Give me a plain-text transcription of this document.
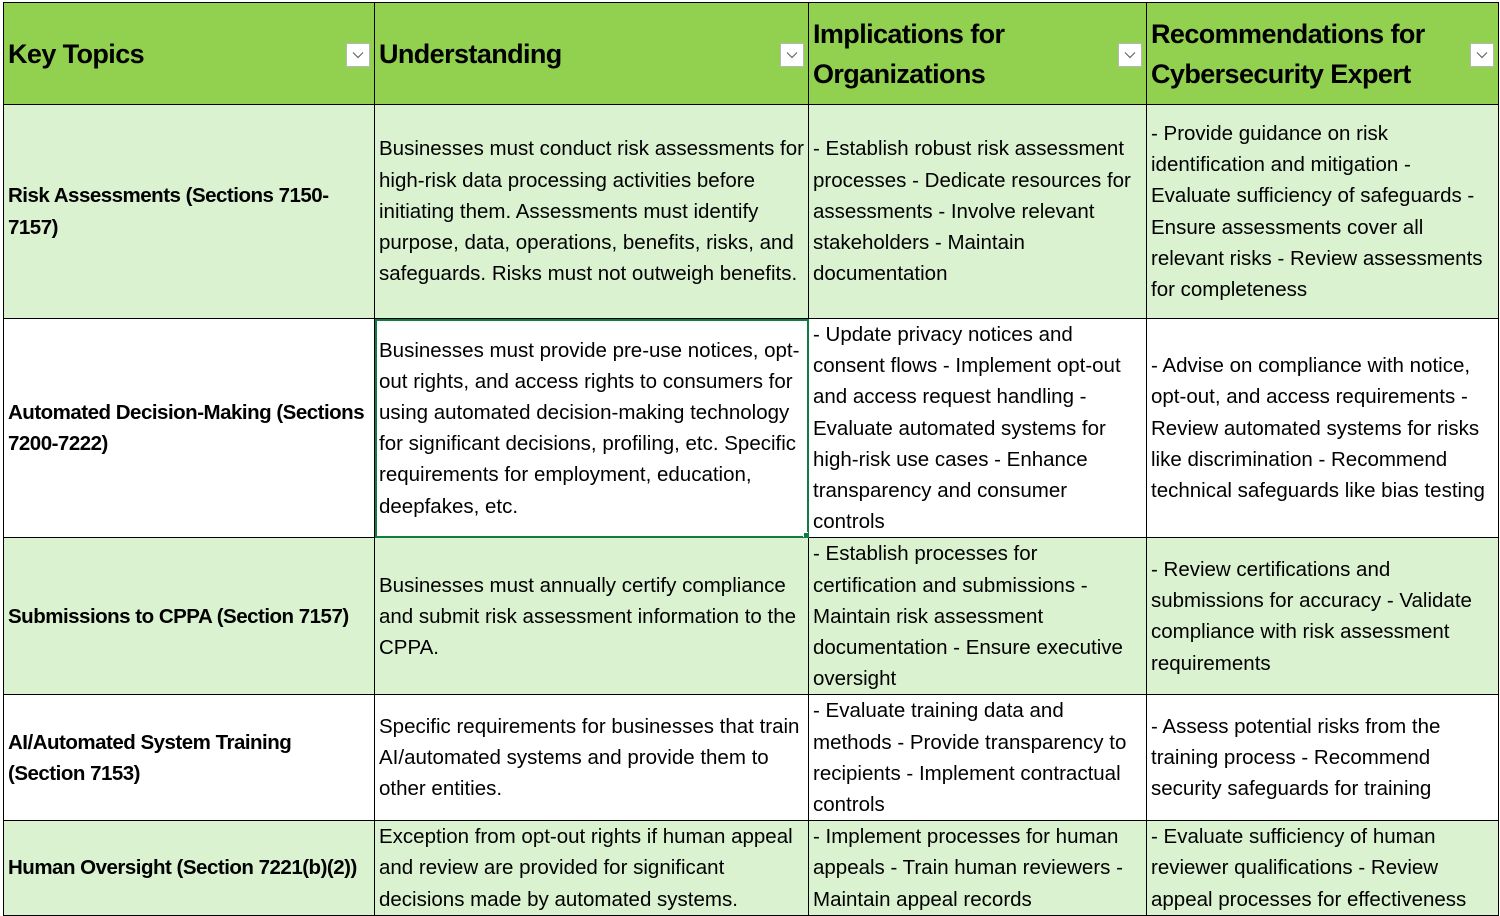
Key Topics	Understanding	Implications for Organizations	Recommendations for Cybersecurity Expert

Risk Assessments (Sections 7150-7157)	Businesses must conduct risk assessments for high-risk data processing activities before initiating them. Assessments must identify purpose, data, operations, benefits, risks, and safeguards. Risks must not outweigh benefits.	- Establish robust risk assessment processes - Dedicate resources for assessments - Involve relevant stakeholders - Maintain documentation	- Provide guidance on risk identification and mitigation - Evaluate sufficiency of safeguards - Ensure assessments cover all relevant risks - Review assessments for completeness
Automated Decision-Making (Sections 7200-7222)	Businesses must provide pre-use notices, opt-out rights, and access rights to consumers for using automated decision-making technology for significant decisions, profiling, etc. Specific requirements for employment, education, deepfakes, etc.	- Update privacy notices and consent flows - Implement opt-out and access request handling - Evaluate automated systems for high-risk use cases - Enhance transparency and consumer controls	- Advise on compliance with notice, opt-out, and access requirements - Review automated systems for risks like discrimination - Recommend technical safeguards like bias testing
Submissions to CPPA (Section 7157)	Businesses must annually certify compliance and submit risk assessment information to the CPPA.	- Establish processes for certification and submissions - Maintain risk assessment documentation - Ensure executive oversight	- Review certifications and submissions for accuracy - Validate compliance with risk assessment requirements
AI/Automated System Training (Section 7153)	Specific requirements for businesses that train AI/automated systems and provide them to other entities.	- Evaluate training data and methods - Provide transparency to recipients - Implement contractual controls	- Assess potential risks from the training process - Recommend security safeguards for training
Human Oversight (Section 7221(b)(2))	Exception from opt-out rights if human appeal and review are provided for significant decisions made by automated systems.	- Implement processes for human appeals - Train human reviewers - Maintain appeal records	- Evaluate sufficiency of human reviewer qualifications - Review appeal processes for effectiveness
